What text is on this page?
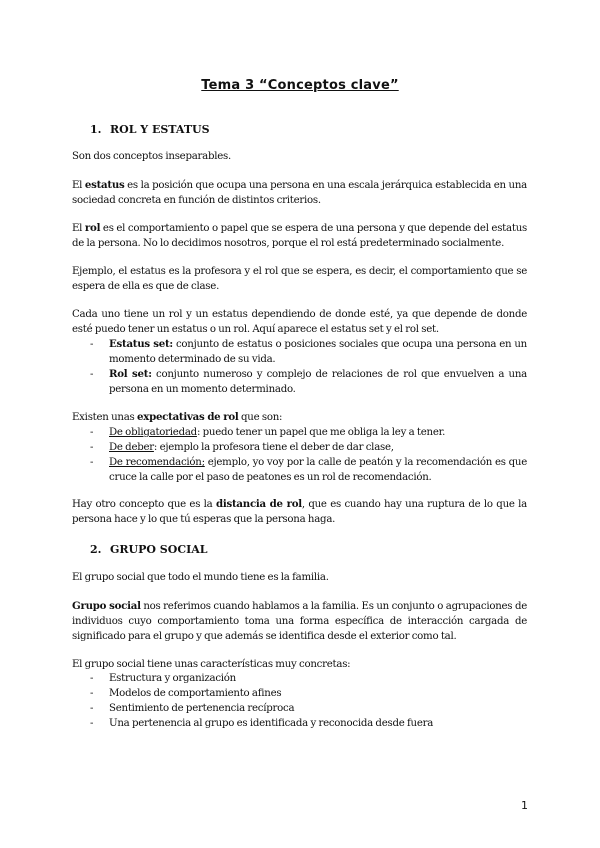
Tema 3 “Conceptos clave”
1. ROL Y ESTATUS

Son dos conceptos inseparables.

El estatus es la posición que ocupa una persona en una escala jerárquica establecida en una sociedad concreta en función de distintos criterios.

El rol es el comportamiento o papel que se espera de una persona y que depende del estatus de la persona. No lo decidimos nosotros, porque el rol está predeterminado socialmente.

Ejemplo, el estatus es la profesora y el rol que se espera, es decir, el comportamiento que se espera de ella es que de clase.

Cada uno tiene un rol y un estatus dependiendo de donde esté, ya que depende de donde esté puedo tener un estatus o un rol. Aquí aparece el estatus set y el rol set.

- Estatus set: conjunto de estatus o posiciones sociales que ocupa una persona en un momento determinado de su vida.
- Rol set: conjunto numeroso y complejo de relaciones de rol que envuelven a una persona en un momento determinado.

Existen unas expectativas de rol que son:

- De obligatoriedad: puedo tener un papel que me obliga la ley a tener.
- De deber: ejemplo la profesora tiene el deber de dar clase,
- De recomendación; ejemplo, yo voy por la calle de peatón y la recomendación es que cruce la calle por el paso de peatones es un rol de recomendación.

Hay otro concepto que es la distancia de rol, que es cuando hay una ruptura de lo que la persona hace y lo que tú esperas que la persona haga.

2. GRUPO SOCIAL

El grupo social que todo el mundo tiene es la familia.

Grupo social nos referimos cuando hablamos a la familia. Es un conjunto o agrupaciones de individuos cuyo comportamiento toma una forma específica de interacción cargada de significado para el grupo y que además se identifica desde el exterior como tal.

El grupo social tiene unas características muy concretas:

- Estructura y organización
- Modelos de comportamiento afines
- Sentimiento de pertenencia recíproca
- Una pertenencia al grupo es identificada y reconocida desde fuera
1
